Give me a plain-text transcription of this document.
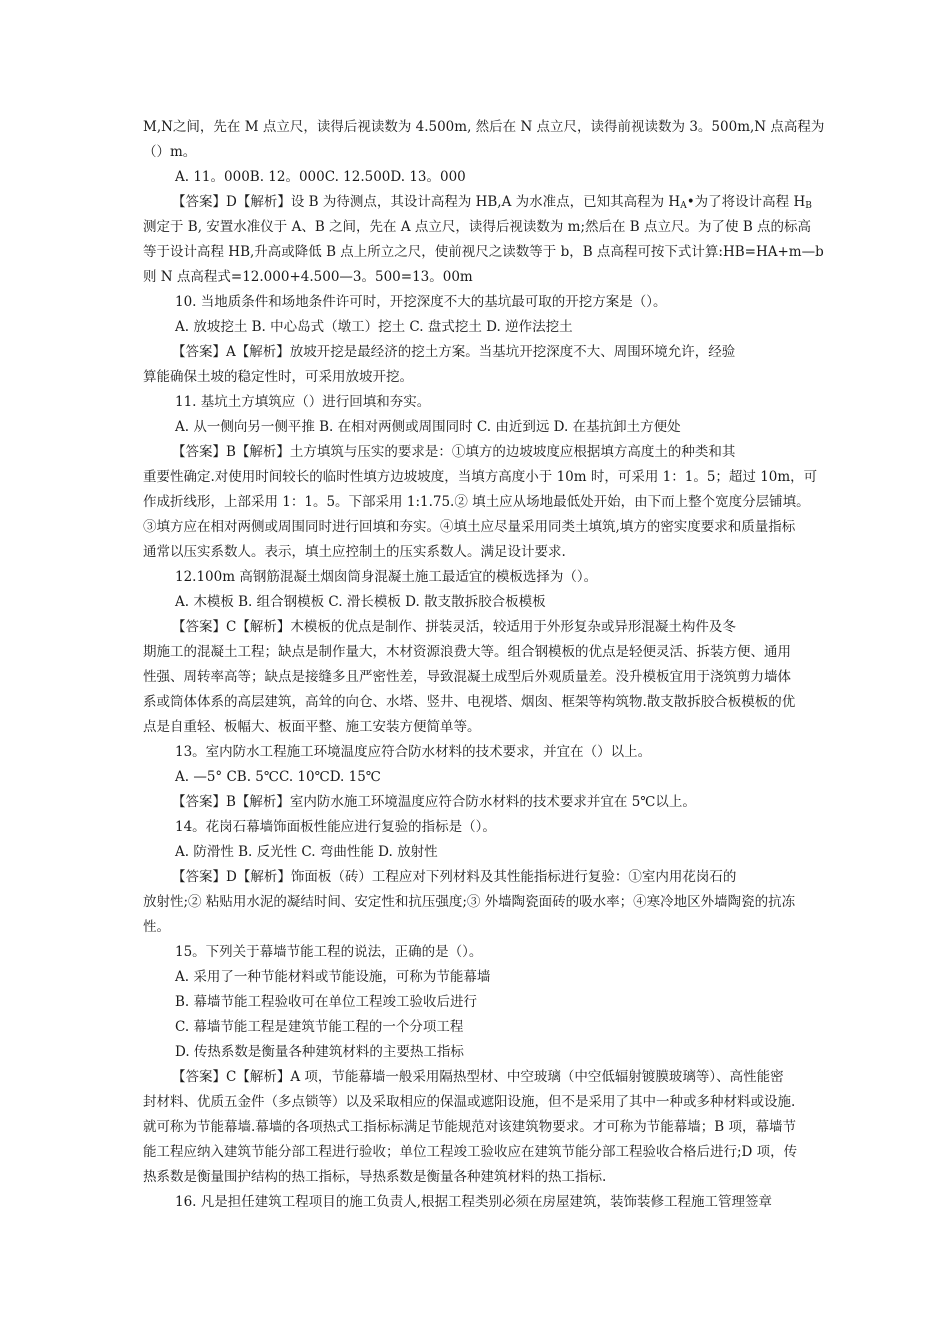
M,N之间，先在 M 点立尺，读得后视读数为 4.500m, 然后在 N 点立尺，读得前视读数为 3。500m,N 点高程为
（）m。
A. 11。000B. 12。000C. 12.500D. 13。000
【答案】D【解析】设 B 为待测点，其设计高程为 HB,A 为水准点，已知其高程为 $H_A•$为了将设计高程 $H_B$
测定于 B, 安置水准仪于 A、B 之间，先在 A 点立尺，读得后视读数为 m;然后在 B 点立尺。为了使 B 点的标高
等于设计高程 HB,升高或降低 B 点上所立之尺，使前视尺之读数等于 b，B 点高程可按下式计算:HB=HA+m—b
则 N 点高程式=12.000+4.500—3。500=13。00m
10. 当地质条件和场地条件许可时，开挖深度不大的基坑最可取的开挖方案是（）。
A. 放坡挖土 B. 中心岛式（墩工）挖土 C. 盘式挖土 D. 逆作法挖土
【答案】A【解析】放坡开挖是最经济的挖土方案。当基坑开挖深度不大、周围环境允许，经验
算能确保土坡的稳定性时，可采用放坡开挖。
11. 基坑土方填筑应（）进行回填和夯实。
A. 从一侧向另一侧平推 B. 在相对两侧或周围同时 C. 由近到远 D. 在基抗卸土方便处
【答案】B【解析】土方填筑与压实的要求是：①填方的边坡坡度应根据填方高度土的种类和其
重要性确定.对使用时间较长的临时性填方边坡坡度，当填方高度小于 10m 时，可采用 1：1。5；超过 10m，可
作成折线形，上部采用 1：1。5。下部采用 1:1.75.② 填土应从场地最低处开始，由下而上整个宽度分层铺填。
③填方应在相对两侧或周围同时进行回填和夯实。④填土应尽量采用同类土填筑,填方的密实度要求和质量指标
通常以压实系数人。表示，填土应控制土的压实系数人。满足设计要求.
12.100m 高钢筋混凝土烟囱筒身混凝土施工最适宜的模板选择为（）。
A. 木模板 B. 组合钢模板 C. 滑长模板 D. 散支散拆胶合板模板
【答案】C【解析】木模板的优点是制作、拼装灵活，较适用于外形复杂或异形混凝土构件及冬
期施工的混凝土工程；缺点是制作量大，木材资源浪费大等。组合钢模板的优点是轻便灵活、拆装方便、通用
性强、周转率高等；缺点是接缝多且严密性差，导致混凝土成型后外观质量差。没升模板宜用于浇筑剪力墙体
系或筒体体系的高层建筑，高耸的向仓、水塔、竖井、电视塔、烟囱、框架等构筑物.散支散拆胶合板模板的优
点是自重轻、板幅大、板面平整、施工安装方便简单等。
13。室内防水工程施工环境温度应符合防水材料的技术要求，并宜在（）以上。
A. —5° CB. 5℃C. 10℃D. 15℃
【答案】B【解析】室内防水施工环境温度应符合防水材料的技术要求并宜在 5℃以上。
14。花岗石幕墙饰面板性能应进行复验的指标是（）。
A. 防滑性 B. 反光性 C. 弯曲性能 D. 放射性
【答案】D【解析】饰面板（砖）工程应对下列材料及其性能指标进行复验：①室内用花岗石的
放射性;② 粘贴用水泥的凝结时间、安定性和抗压强度;③ 外墙陶瓷面砖的吸水率；④寒冷地区外墙陶瓷的抗冻
性。
15。下列关于幕墙节能工程的说法，正确的是（）。
A. 采用了一种节能材料或节能设施，可称为节能幕墙
B. 幕墙节能工程验收可在单位工程竣工验收后进行
C. 幕墙节能工程是建筑节能工程的一个分项工程
D. 传热系数是衡量各种建筑材料的主要热工指标
【答案】C【解析】A 项，节能幕墙一般采用隔热型材、中空玻璃（中空低辐射镀膜玻璃等）、高性能密
封材料、优质五金件（多点锁等）以及采取相应的保温或遮阳设施，但不是采用了其中一种或多种材料或设施.
就可称为节能幕墙.幕墙的各项热式工指标标满足节能规范对该建筑物要求。才可称为节能幕墙；B 项，幕墙节
能工程应纳入建筑节能分部工程进行验收；单位工程竣工验收应在建筑节能分部工程验收合格后进行;D 项，传
热系数是衡量围护结构的热工指标，导热系数是衡量各种建筑材料的热工指标.
16. 凡是担任建筑工程项目的施工负责人,根据工程类别必须在房屋建筑，装饰装修工程施工管理签章
